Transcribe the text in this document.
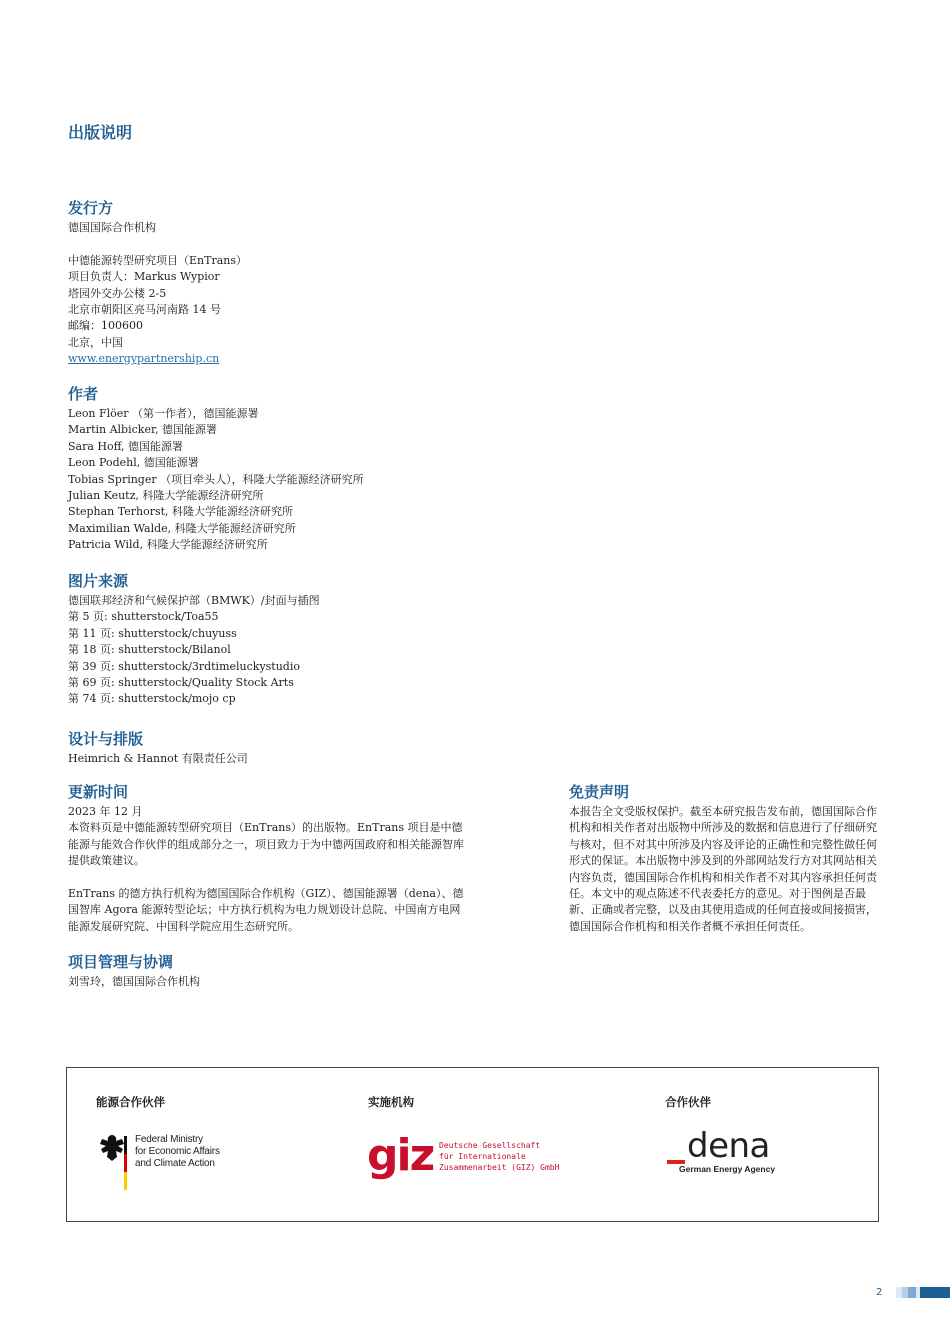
出版说明
发行方
德国国际合作机构
中德能源转型研究项目（EnTrans）
项目负责人：Markus Wypior
塔园外交办公楼 2-5
北京市朝阳区亮马河南路 14 号
邮编：100600
北京，中国
www.energypartnership.cn
作者
Leon Flöer （第一作者），德国能源署
Martin Albicker, 德国能源署
Sara Hoff, 德国能源署
Leon Podehl, 德国能源署
Tobias Springer （项目牵头人），科隆大学能源经济研究所
Julian Keutz, 科隆大学能源经济研究所
Stephan Terhorst, 科隆大学能源经济研究所
Maximilian Walde, 科隆大学能源经济研究所
Patricia Wild, 科隆大学能源经济研究所
图片来源
德国联邦经济和气候保护部（BMWK）/封面与插图
第 5 页: shutterstock/Toa55
第 11 页: shutterstock/chuyuss
第 18 页: shutterstock/Bilanol
第 39 页: shutterstock/3rdtimeluckystudio
第 69 页: shutterstock/Quality Stock Arts
第 74 页: shutterstock/mojo cp
设计与排版
Heimrich & Hannot 有限责任公司
更新时间
2023 年 12 月
本资料页是中德能源转型研究项目（EnTrans）的出版物。EnTrans 项目是中德能源与能效合作伙伴的组成部分之一，项目致力于为中德两国政府和相关能源智库提供政策建议。
EnTrans 的德方执行机构为德国国际合作机构（GIZ）、德国能源署（dena）、德国智库 Agora 能源转型论坛；中方执行机构为电力规划设计总院、中国南方电网能源发展研究院、中国科学院应用生态研究所。
项目管理与协调
刘雪玲，德国国际合作机构
免责声明
本报告全文受版权保护。截至本研究报告发布前，德国国际合作机构和相关作者对出版物中所涉及的数据和信息进行了仔细研究与核对，但不对其中所涉及内容及评论的正确性和完整性做任何形式的保证。本出版物中涉及到的外部网站发行方对其网站相关内容负责，德国国际合作机构和相关作者不对其内容承担任何责任。本文中的观点陈述不代表委托方的意见。对于图例是否最新、正确或者完整，以及由其使用造成的任何直接或间接损害，德国国际合作机构和相关作者概不承担任何责任。
能源合作伙伴	实施机构	合作伙伴
Federal Ministry
for Economic Affairs
and Climate Action	giz Deutsche Gesellschaft
für Internationale
Zusammenarbeit (GIZ) GmbH
dena
German Energy Agency
2
